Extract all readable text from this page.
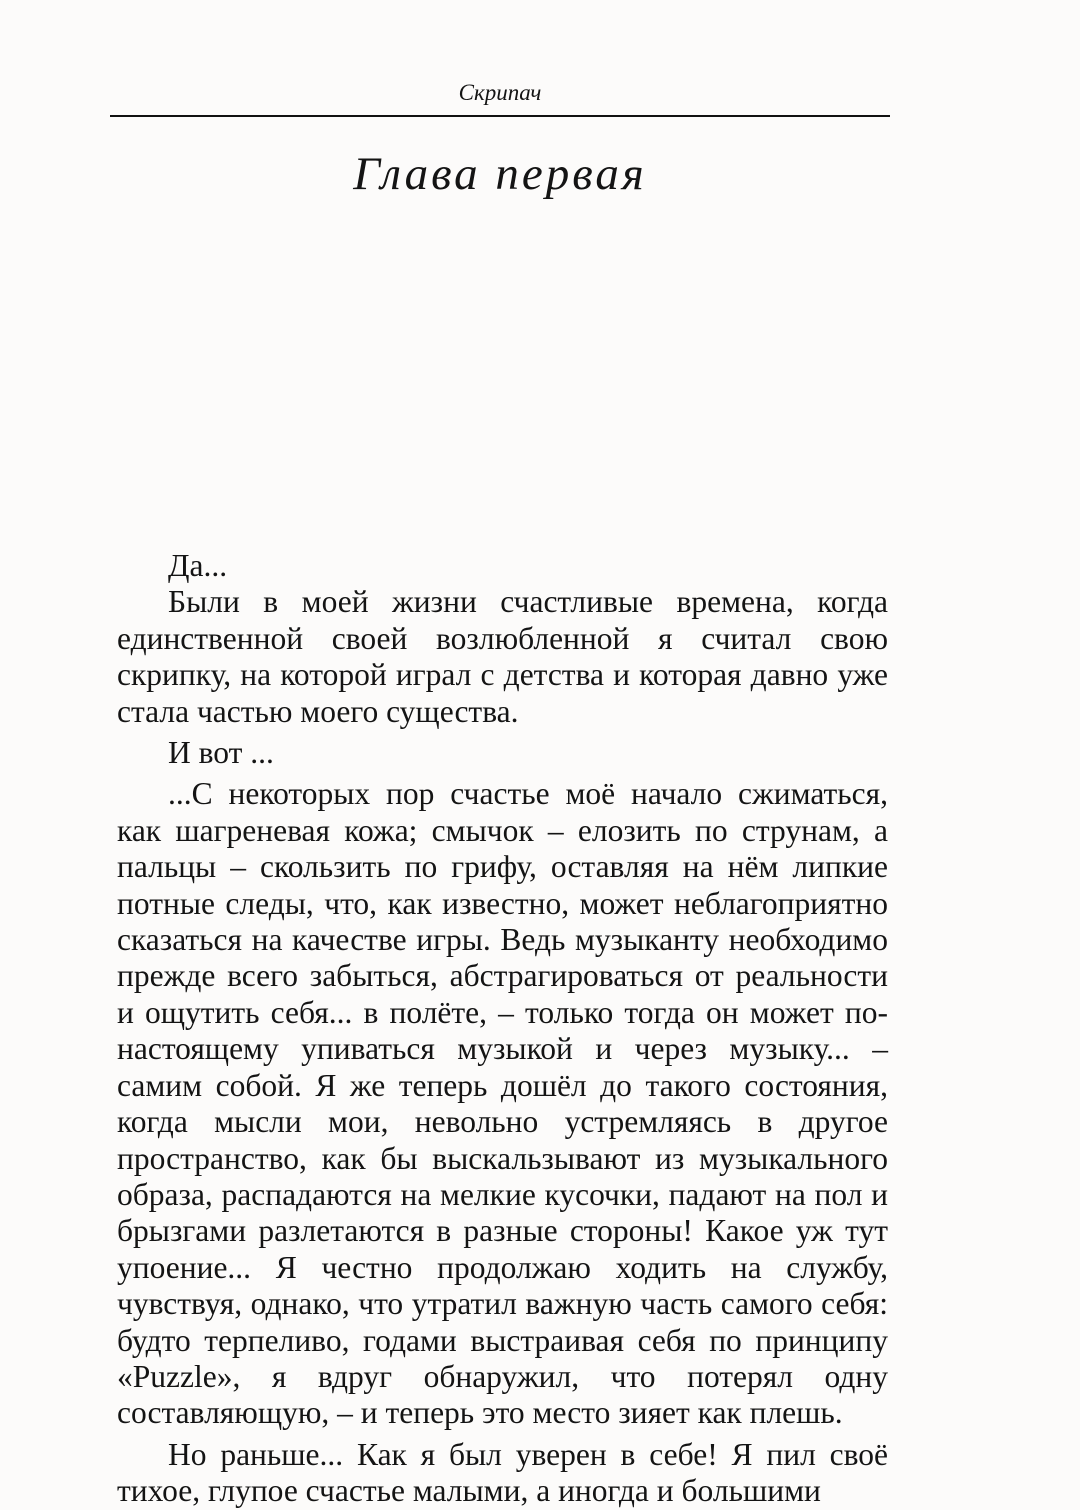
Скрипач
Глава первая

Да...

Были в моей жизни счастливые времена, когда единственной своей возлюбленной я считал свою скрипку, на которой играл с детства и которая давно уже стала частью моего существа.

И вот ...

...С некоторых пор счастье моё начало сжиматься, как шагреневая кожа; смычок – елозить по струнам, а пальцы – скользить по грифу, оставляя на нём липкие потные следы, что, как известно, может неблагоприятно сказаться на качестве игры. Ведь музыканту необходимо прежде всего забыться, абстрагироваться от реальности и ощутить себя... в полёте, – только тогда он может по-настоящему упиваться музыкой и через музыку... – самим собой. Я же теперь дошёл до такого состояния, когда мысли мои, невольно устремляясь в другое пространство, как бы выскальзывают из музыкального образа, распадаются на мелкие кусочки, падают на пол и брызгами разлетаются в разные стороны! Какое уж тут упоение... Я честно продолжаю ходить на службу, чувствуя, однако, что утратил важную часть самого себя: будто терпеливо, годами выстраивая себя по принципу «Puzzle», я вдруг обнаружил, что потерял одну составляющую, – и теперь это место зияет как плешь.

Но раньше... Как я был уверен в себе! Я пил своё тихое, глупое счастье малыми, а иногда и большими
